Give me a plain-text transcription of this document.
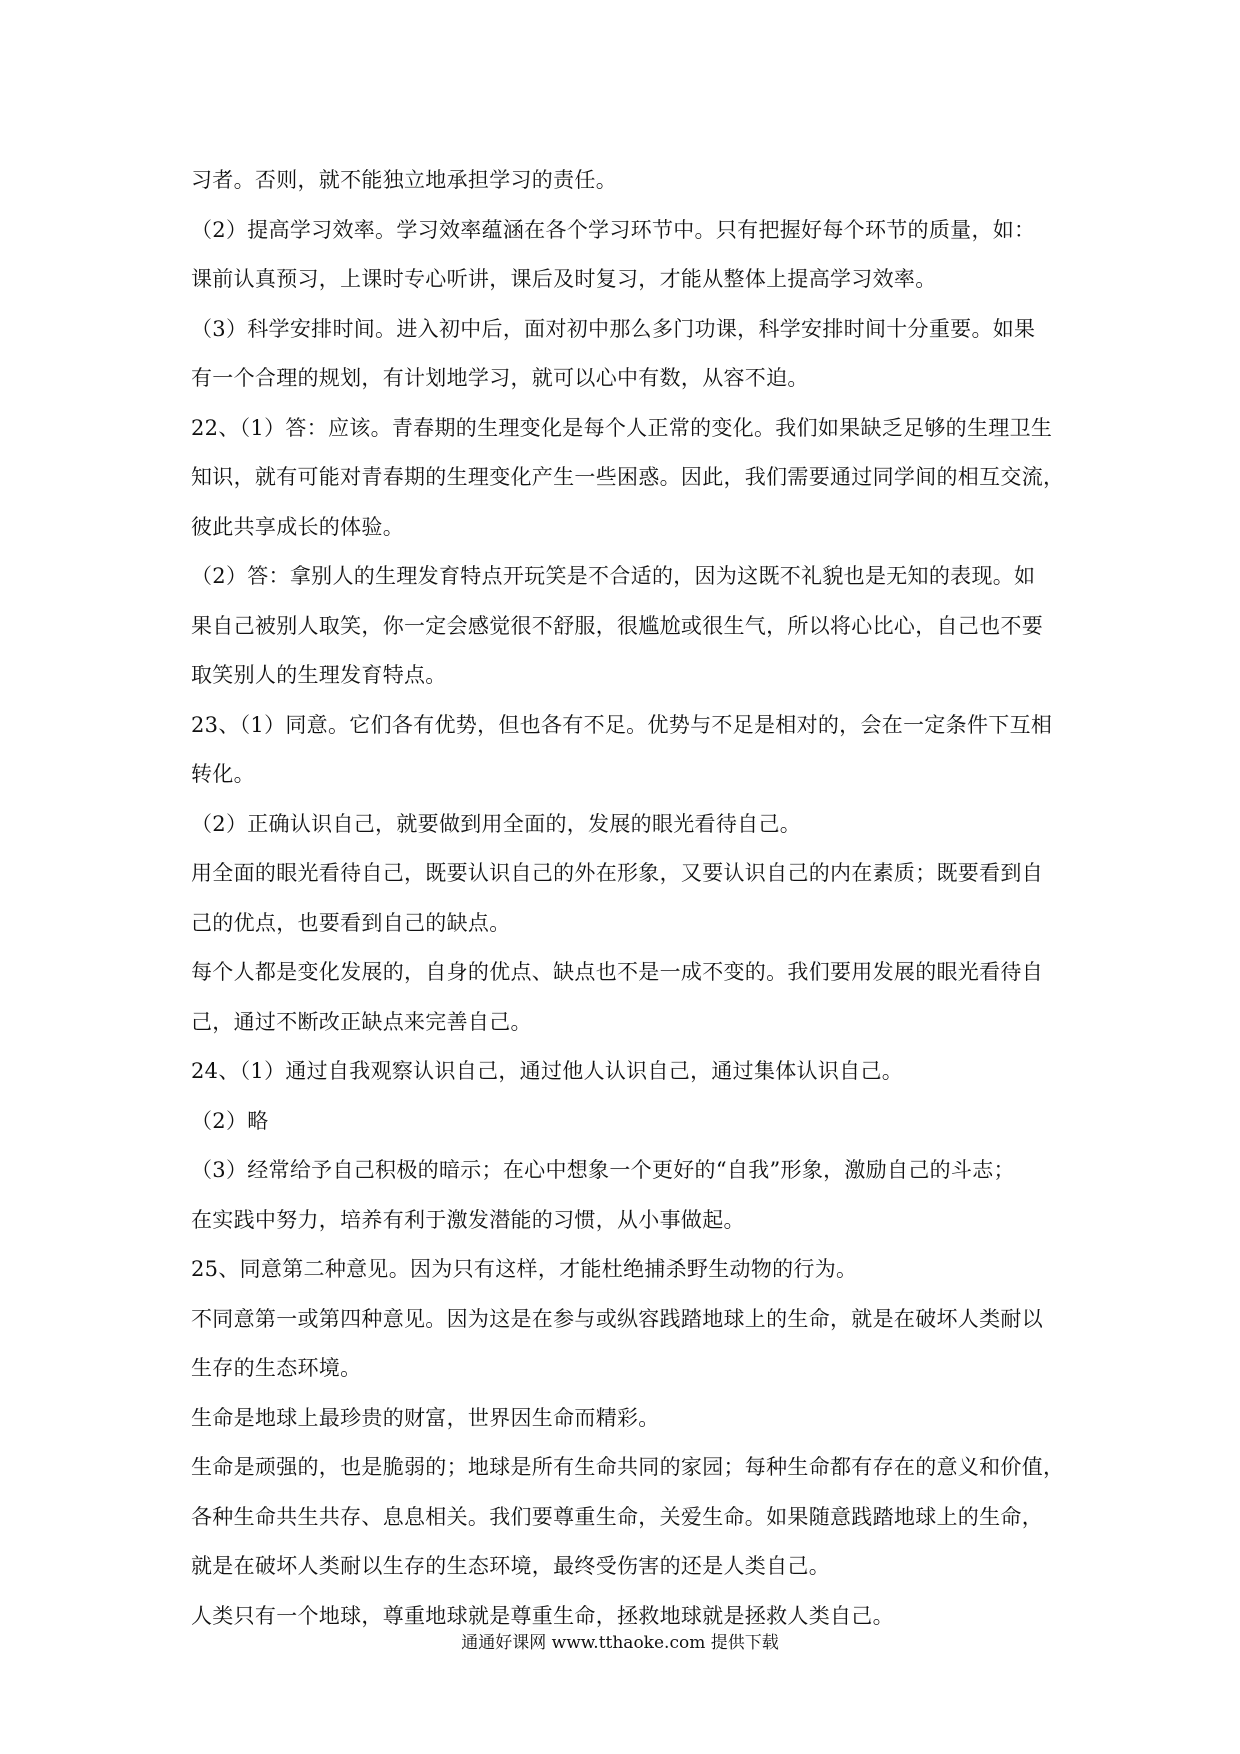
习者。否则，就不能独立地承担学习的责任。
（2）提高学习效率。学习效率蕴涵在各个学习环节中。只有把握好每个环节的质量，如：
课前认真预习，上课时专心听讲，课后及时复习，才能从整体上提高学习效率。
（3）科学安排时间。进入初中后，面对初中那么多门功课，科学安排时间十分重要。如果
有一个合理的规划，有计划地学习，就可以心中有数，从容不迫。
22、（1）答：应该。青春期的生理变化是每个人正常的变化。我们如果缺乏足够的生理卫生
知识，就有可能对青春期的生理变化产生一些困惑。因此，我们需要通过同学间的相互交流，
彼此共享成长的体验。
（2）答：拿别人的生理发育特点开玩笑是不合适的，因为这既不礼貌也是无知的表现。如
果自己被别人取笑，你一定会感觉很不舒服，很尴尬或很生气，所以将心比心，自己也不要
取笑别人的生理发育特点。
23、（1）同意。它们各有优势，但也各有不足。优势与不足是相对的，会在一定条件下互相
转化。
（2）正确认识自己，就要做到用全面的，发展的眼光看待自己。
用全面的眼光看待自己，既要认识自己的外在形象，又要认识自己的内在素质；既要看到自
己的优点，也要看到自己的缺点。
每个人都是变化发展的，自身的优点、缺点也不是一成不变的。我们要用发展的眼光看待自
己，通过不断改正缺点来完善自己。
24、（1）通过自我观察认识自己，通过他人认识自己，通过集体认识自己。
（2）略
（3）经常给予自己积极的暗示；在心中想象一个更好的“自我”形象，激励自己的斗志；
在实践中努力，培养有利于激发潜能的习惯，从小事做起。
25、同意第二种意见。因为只有这样，才能杜绝捕杀野生动物的行为。
不同意第一或第四种意见。因为这是在参与或纵容践踏地球上的生命，就是在破坏人类耐以
生存的生态环境。
生命是地球上最珍贵的财富，世界因生命而精彩。
生命是顽强的，也是脆弱的；地球是所有生命共同的家园；每种生命都有存在的意义和价值，
各种生命共生共存、息息相关。我们要尊重生命，关爱生命。如果随意践踏地球上的生命，
就是在破坏人类耐以生存的生态环境，最终受伤害的还是人类自己。
人类只有一个地球，尊重地球就是尊重生命，拯救地球就是拯救人类自己。
通通好课网 www.tthaoke.com 提供下载
